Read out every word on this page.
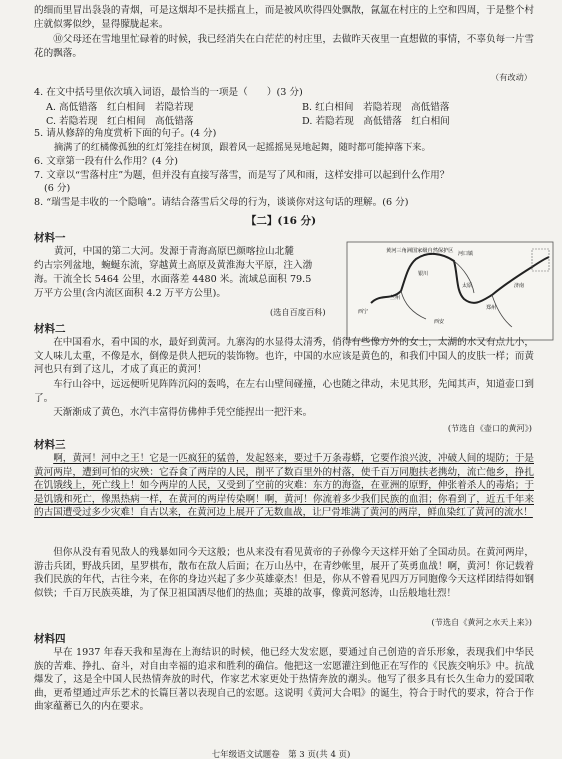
的细而里冒出袅袅的青烟，可是这烟却不是扶摇直上，而是被风吹得四处飘散，氤氲在村庄的上空和四周，于是整个村庄就似雾似纱，显得朦胧起来。

⑩父母还在雪地里忙碌着的时候，我已经消失在白茫茫的村庄里，去做昨天夜里一直想做的事情，不辜负每一片雪花的飘落。

（有改动）

4. 在文中括号里依次填入词语，最恰当的一项是（　　）(3 分)

A. 高低错落　红白相间　若隐若现	B. 红白相间　若隐若现　高低错落
C. 若隐若现　红白相间　高低错落	D. 若隐若现　高低错落　红白相间

5. 请从修辞的角度赏析下面的句子。(4 分)

摘满了的红橘像孤独的红灯笼挂在树顶，跟着风一起摇摇晃晃地起舞，随时都可能掉落下来。

6. 文章第一段有什么作用？(4 分)

7. 文章以“雪落村庄”为题，但并没有直接写落雪，而是写了风和雨，这样安排可以起到什么作用？

(6 分)

8. “瑞雪是丰收的一个隐喻”。请结合落雪后父母的行为，谈谈你对这句话的理解。(6 分)

【二】(16 分)
材料一

黄河，中国的第二大河。发源于青海高原巴颜喀拉山北麓

约古宗列盆地，蜿蜒东流，穿越黄土高原及黄淮海大平原，注入渤

海。干流全长 5464 公里，水面落差 4480 米。流域总面积 79.5

万平方公里(含内流区面积 4.2 万平方公里)。

黄河三角洲国家级自然保护区 河口镇
西宁
兰州
银川
太原
西安
郑州
济南
(选自百度百科)
材料二

在中国看水，看中国的水，最好到黄河。九寨沟的水显得太清秀，俏得有些像方外的女士，太湖的水又有点儿小，文人味儿太重，不像是水，倒像是供人把玩的装饰物。也许，中国的水应该是黄色的，和我们中国人的皮肤一样；而黄河也只有到了这儿，才成了真正的黄河！

车行山谷中，远远便听见阵阵沉闷的轰鸣，在左右山壁间碰撞，心也随之律动，未见其形，先闻其声，知道壶口到了。

天渐渐成了黄色，水汽丰富得仿佛伸手凭空能捏出一把汗来。

(节选自《壶口的黄河》)
材料三

啊，黄河！河中之王！它是一匹疯狂的猛兽，发起怒来，要过千万条毒蟒，它要作浪兴波，冲破人间的堤防；于是黄河两岸，遭到可怕的灾殃：它吞食了两岸的人民，削平了数百里外的村落，使千百万同胞扶老携幼，流亡他乡，挣扎在饥饿线上，死亡线上！如今两岸的人民，又受到了空前的灾难：东方的海盗，在亚洲的原野，伸张着杀人的毒焰；于是饥饿和死亡，像黑热病一样，在黄河的两岸传染啊！啊，黄河！你流着多少我们民族的血泪；你看到了，近五千年来的古国遭受过多少灾难！自古以来，在黄河边上展开了无数血战，让尸骨堆满了黄河的两岸，鲜血染红了黄河的流水！

但你从没有看见敌人的残暴如同今天这般；也从来没有看见黄帝的子孙像今天这样开始了全国动员。在黄河两岸，游击兵团，野战兵团，星罗棋布，散布在敌人后面；在万山丛中，在青纱帐里，展开了英勇血战！啊，黄河！你记载着我们民族的年代，古往今来，在你的身边兴起了多少英雄豪杰！但是，你从不曾看见四万万同胞像今天这样团结得如钢似铁；千百万民族英雄，为了保卫祖国洒尽他们的热血；英雄的故事，像黄河怒涛，山岳般地壮烈！

(节选自《黄河之水天上来》)
材料四

早在 1937 年春天我和星海在上海结识的时候，他已经大发宏愿，要通过自己创造的音乐形象，表现我们中华民族的苦难、挣扎、奋斗，对自由幸福的追求和胜利的确信。他把这一宏愿灌注到他正在写作的《民族交响乐》中。抗战爆发了，这是全中国人民热情奔放的时代，作家艺术家更处于热情奔放的潮头。他写了很多具有长久生命力的爱国歌曲，更希望通过声乐艺术的长篇巨著以表现自己的宏愿。这说明《黄河大合唱》的诞生，符合于时代的要求，符合于作曲家蕴蓄已久的内在要求。

七年级语文试题卷　第 3 页(共 4 页)
